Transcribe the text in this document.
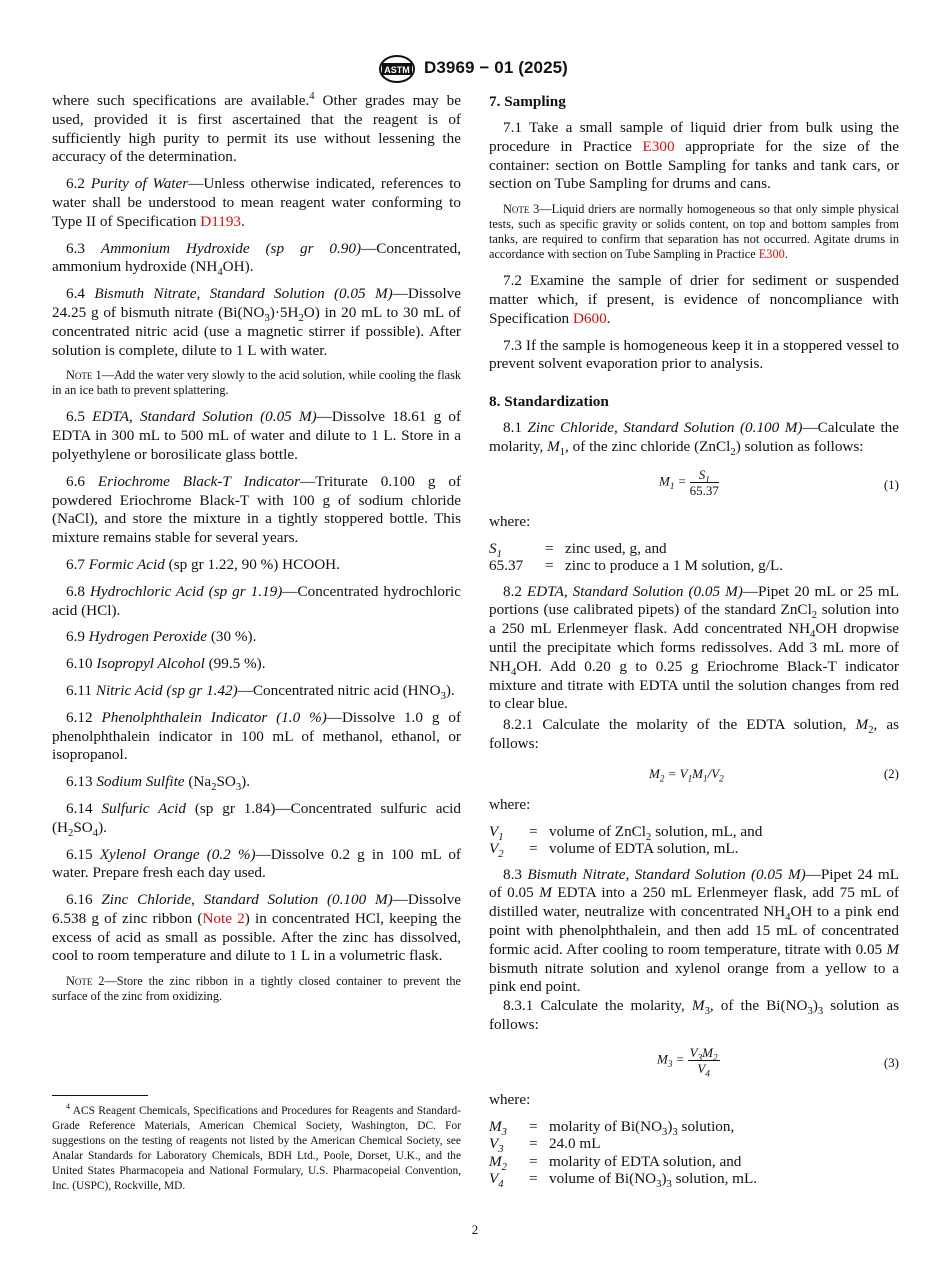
ASTM D3969 − 01 (2025)

where such specifications are available.$^4$ Other grades may be used, provided it is first ascertained that the reagent is of sufficiently high purity to permit its use without lessening the accuracy of the determination.

6.2 Purity of Water—Unless otherwise indicated, references to water shall be understood to mean reagent water conforming to Type II of Specification D1193.

6.3 Ammonium Hydroxide (sp gr 0.90)—Concentrated, ammonium hydroxide $(NH_4OH)$.

6.4 Bismuth Nitrate, Standard Solution (0.05 M)—Dissolve 24.25 g of bismuth nitrate $(Bi(NO_3)\cdot 5H_2O)$ in 20 mL to 30 mL of concentrated nitric acid (use a magnetic stirrer if possible). After solution is complete, dilute to 1 L with water.

Note 1—Add the water very slowly to the acid solution, while cooling the flask in an ice bath to prevent splattering.

6.5 EDTA, Standard Solution (0.05 M)—Dissolve 18.61 g of EDTA in 300 mL to 500 mL of water and dilute to 1 L. Store in a polyethylene or borosilicate glass bottle.

6.6 Eriochrome Black-T Indicator—Triturate 0.100 g of powdered Eriochrome Black-T with 100 g of sodium chloride (NaCl), and store the mixture in a tightly stoppered bottle. This mixture remains stable for several years.

6.7 Formic Acid (sp gr 1.22, 90 %) HCOOH.

6.8 Hydrochloric Acid (sp gr 1.19)—Concentrated hydrochloric acid (HCl).

6.9 Hydrogen Peroxide (30 %).

6.10 Isopropyl Alcohol (99.5 %).

6.11 Nitric Acid (sp gr 1.42)—Concentrated nitric acid $(HNO_3)$.

6.12 Phenolphthalein Indicator (1.0 %)—Dissolve 1.0 g of phenolphthalein indicator in 100 mL of methanol, ethanol, or isopropanol.

6.13 Sodium Sulfite $(Na_2SO_3)$.

6.14 Sulfuric Acid (sp gr 1.84)—Concentrated sulfuric acid $(H_2SO_4)$.

6.15 Xylenol Orange (0.2 %)—Dissolve 0.2 g in 100 mL of water. Prepare fresh each day used.

6.16 Zinc Chloride, Standard Solution (0.100 M)—Dissolve 6.538 g of zinc ribbon (Note 2) in concentrated HCl, keeping the excess of acid as small as possible. After the zinc has dissolved, cool to room temperature and dilute to 1 L in a volumetric flask.

Note 2—Store the zinc ribbon in a tightly closed container to prevent the surface of the zinc from oxidizing.

$^4$ ACS Reagent Chemicals, Specifications and Procedures for Reagents and Standard-Grade Reference Materials, American Chemical Society, Washington, DC. For suggestions on the testing of reagents not listed by the American Chemical Society, see Analar Standards for Laboratory Chemicals, BDH Ltd., Poole, Dorset, U.K., and the United States Pharmacopeia and National Formulary, U.S. Pharmacopeial Convention, Inc. (USPC), Rockville, MD.
7. Sampling

7.1 Take a small sample of liquid drier from bulk using the procedure in Practice E300 appropriate for the size of the container: section on Bottle Sampling for tanks and tank cars, or section on Tube Sampling for drums and cans.

Note 3—Liquid driers are normally homogeneous so that only simple physical tests, such as specific gravity or solids content, on top and bottom samples from tanks, are required to confirm that separation has not occurred. Agitate drums in accordance with section on Tube Sampling in Practice E300.

7.2 Examine the sample of drier for sediment or suspended matter which, if present, is evidence of noncompliance with Specification D600.

7.3 If the sample is homogeneous keep it in a stoppered vessel to prevent solvent evaporation prior to analysis.

8. Standardization

8.1 Zinc Chloride, Standard Solution (0.100 M)—Calculate the molarity, $M_1$, of the zinc chloride (ZnCl$_2$) solution as follows:

$M_1 = \frac{S_1}{65.37}$	(1)

where:

$S_1$	= zinc used, g, and
65.37	= zinc to produce a 1 M solution, g/L.

8.2 EDTA, Standard Solution (0.05 M)—Pipet 20 mL or 25 mL portions (use calibrated pipets) of the standard ZnCl$_2$ solution into a 250 mL Erlenmeyer flask. Add concentrated $NH_4OH$ dropwise until the precipitate which forms redissolves. Add 3 mL more of $NH_4OH$. Add 0.20 g to 0.25 g Eriochrome Black-T indicator mixture and titrate with EDTA until the solution changes from red to clear blue.

8.2.1 Calculate the molarity of the EDTA solution, $M_2$, as follows:

$M_2 = V_1M_1/V_2$	(2)

where:

$V_1$	= volume of ZnCl$_2$ solution, mL, and
$V_2$	= volume of EDTA solution, mL.

8.3 Bismuth Nitrate, Standard Solution (0.05 M)—Pipet 24 mL of 0.05 M EDTA into a 250 mL Erlenmeyer flask, add 75 mL of distilled water, neutralize with concentrated $NH_4OH$ to a pink end point with phenolphthalein, and then add 15 mL of concentrated formic acid. After cooling to room temperature, titrate with 0.05 M bismuth nitrate solution and xylenol orange from a yellow to a pink end point.

8.3.1 Calculate the molarity, $M_3$, of the $Bi(NO_3)_3$ solution as follows:

$M_3 = \frac{V_3M_2}{V_4}$	(3)

where:

$M_3$	= molarity of $Bi(NO_3)_3$ solution,
$V_3$	= 24.0 mL
$M_2$	= molarity of EDTA solution, and
$V_4$	= volume of $Bi(NO_3)_3$ solution, mL.
2
